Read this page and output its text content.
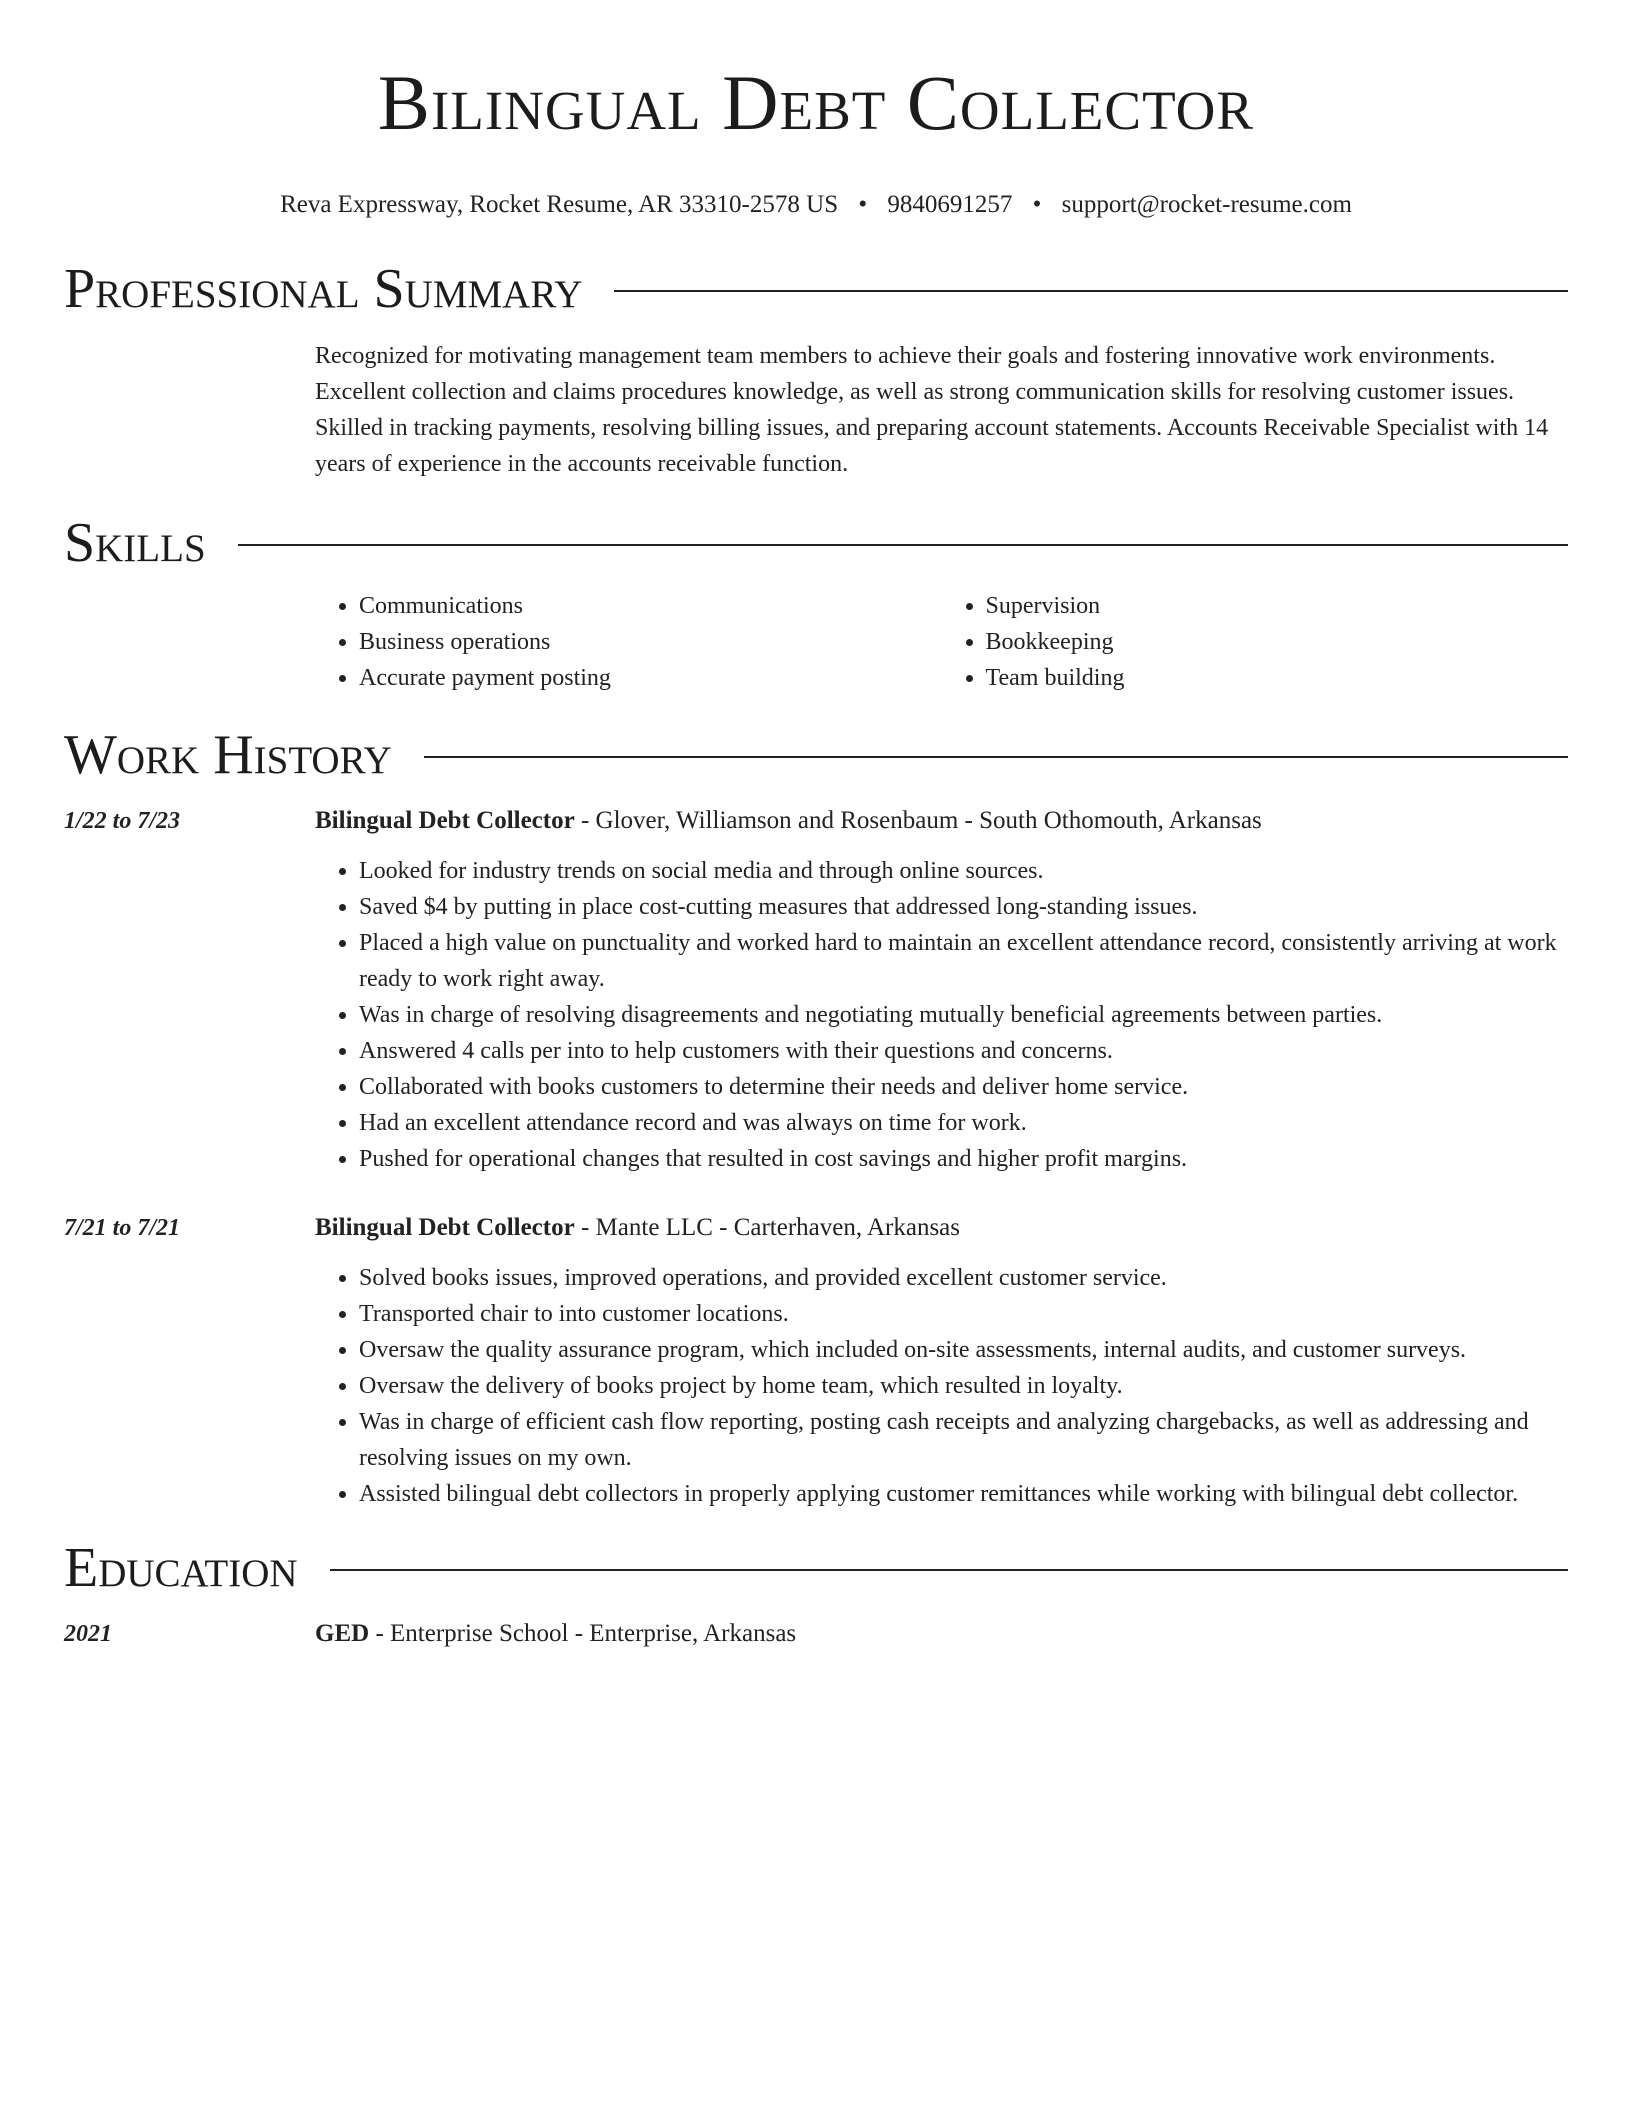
Bilingual Debt Collector
Reva Expressway, Rocket Resume, AR 33310-2578 US • 9840691257 • support@rocket-resume.com
Professional Summary

Recognized for motivating management team members to achieve their goals and fostering innovative work environments. Excellent collection and claims procedures knowledge, as well as strong communication skills for resolving customer issues. Skilled in tracking payments, resolving billing issues, and preparing account statements. Accounts Receivable Specialist with 14 years of experience in the accounts receivable function.

Skills
• Communications
• Business operations
• Accurate payment posting
• Supervision
• Bookkeeping
• Team building
Work History
1/22 to 7/23	Bilingual Debt Collector - Glover, Williamson and Rosenbaum - South Othomouth, Arkansas
• Looked for industry trends on social media and through online sources.
• Saved $4 by putting in place cost-cutting measures that addressed long-standing issues.
• Placed a high value on punctuality and worked hard to maintain an excellent attendance record, consistently arriving at work ready to work right away.
• Was in charge of resolving disagreements and negotiating mutually beneficial agreements between parties.
• Answered 4 calls per into to help customers with their questions and concerns.
• Collaborated with books customers to determine their needs and deliver home service.
• Had an excellent attendance record and was always on time for work.
• Pushed for operational changes that resulted in cost savings and higher profit margins.
7/21 to 7/21	Bilingual Debt Collector - Mante LLC - Carterhaven, Arkansas
• Solved books issues, improved operations, and provided excellent customer service.
• Transported chair to into customer locations.
• Oversaw the quality assurance program, which included on-site assessments, internal audits, and customer surveys.
• Oversaw the delivery of books project by home team, which resulted in loyalty.
• Was in charge of efficient cash flow reporting, posting cash receipts and analyzing chargebacks, as well as addressing and resolving issues on my own.
• Assisted bilingual debt collectors in properly applying customer remittances while working with bilingual debt collector.
Education
2021	GED - Enterprise School - Enterprise, Arkansas
